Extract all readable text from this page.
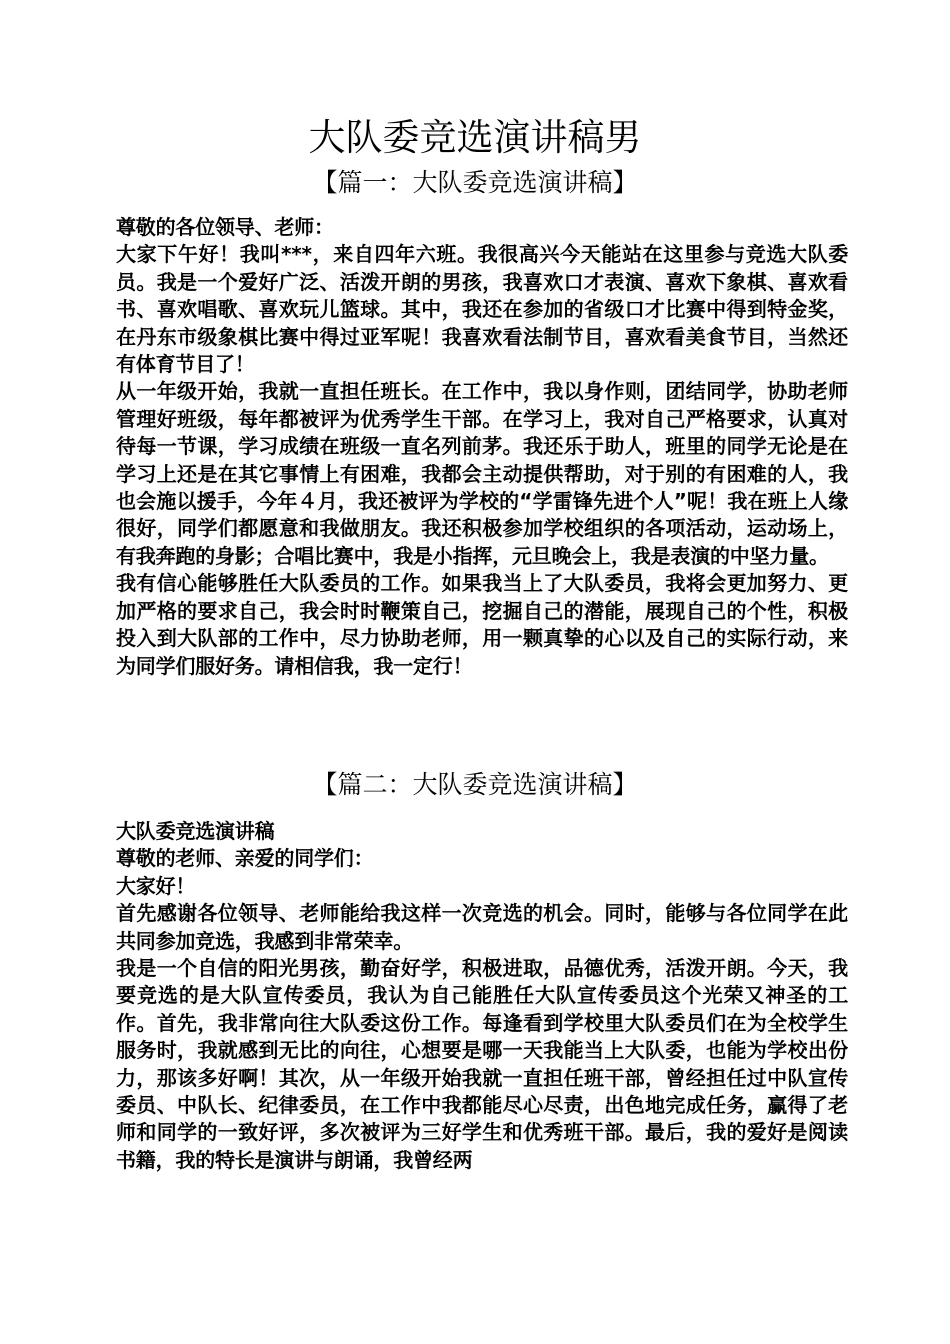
大队委竞选演讲稿男
【篇一：大队委竞选演讲稿】

尊敬的各位领导、老师：

大家下午好！我叫***，来自四年六班。我很高兴今天能站在这里参与竞选大队委员。我是一个爱好广泛、活泼开朗的男孩，我喜欢口才表演、喜欢下象棋、喜欢看书、喜欢唱歌、喜欢玩儿篮球。其中，我还在参加的省级口才比赛中得到特金奖，在丹东市级象棋比赛中得过亚军呢！我喜欢看法制节目，喜欢看美食节目，当然还有体育节目了！

从一年级开始，我就一直担任班长。在工作中，我以身作则，团结同学，协助老师管理好班级，每年都被评为优秀学生干部。在学习上，我对自己严格要求，认真对待每一节课，学习成绩在班级一直名列前茅。我还乐于助人，班里的同学无论是在学习上还是在其它事情上有困难，我都会主动提供帮助，对于别的有困难的人，我也会施以援手，今年４月，我还被评为学校的“学雷锋先进个人”呢！我在班上人缘很好，同学们都愿意和我做朋友。我还积极参加学校组织的各项活动，运动场上，有我奔跑的身影；合唱比赛中，我是小指挥，元旦晚会上，我是表演的中坚力量。

我有信心能够胜任大队委员的工作。如果我当上了大队委员，我将会更加努力、更加严格的要求自己，我会时时鞭策自己，挖掘自己的潜能，展现自己的个性，积极投入到大队部的工作中，尽力协助老师，用一颗真挚的心以及自己的实际行动，来为同学们服好务。请相信我，我一定行！

【篇二：大队委竞选演讲稿】

大队委竞选演讲稿

尊敬的老师、亲爱的同学们：

大家好！

首先感谢各位领导、老师能给我这样一次竞选的机会。同时，能够与各位同学在此共同参加竞选，我感到非常荣幸。

我是一个自信的阳光男孩，勤奋好学，积极进取，品德优秀，活泼开朗。今天，我要竞选的是大队宣传委员，我认为自己能胜任大队宣传委员这个光荣又神圣的工作。首先，我非常向往大队委这份工作。每逢看到学校里大队委员们在为全校学生服务时，我就感到无比的向往，心想要是哪一天我能当上大队委，也能为学校出份力，那该多好啊！其次，从一年级开始我就一直担任班干部，曾经担任过中队宣传委员、中队长、纪律委员，在工作中我都能尽心尽责，出色地完成任务，赢得了老师和同学的一致好评，多次被评为三好学生和优秀班干部。最后，我的爱好是阅读书籍，我的特长是演讲与朗诵，我曾经两
